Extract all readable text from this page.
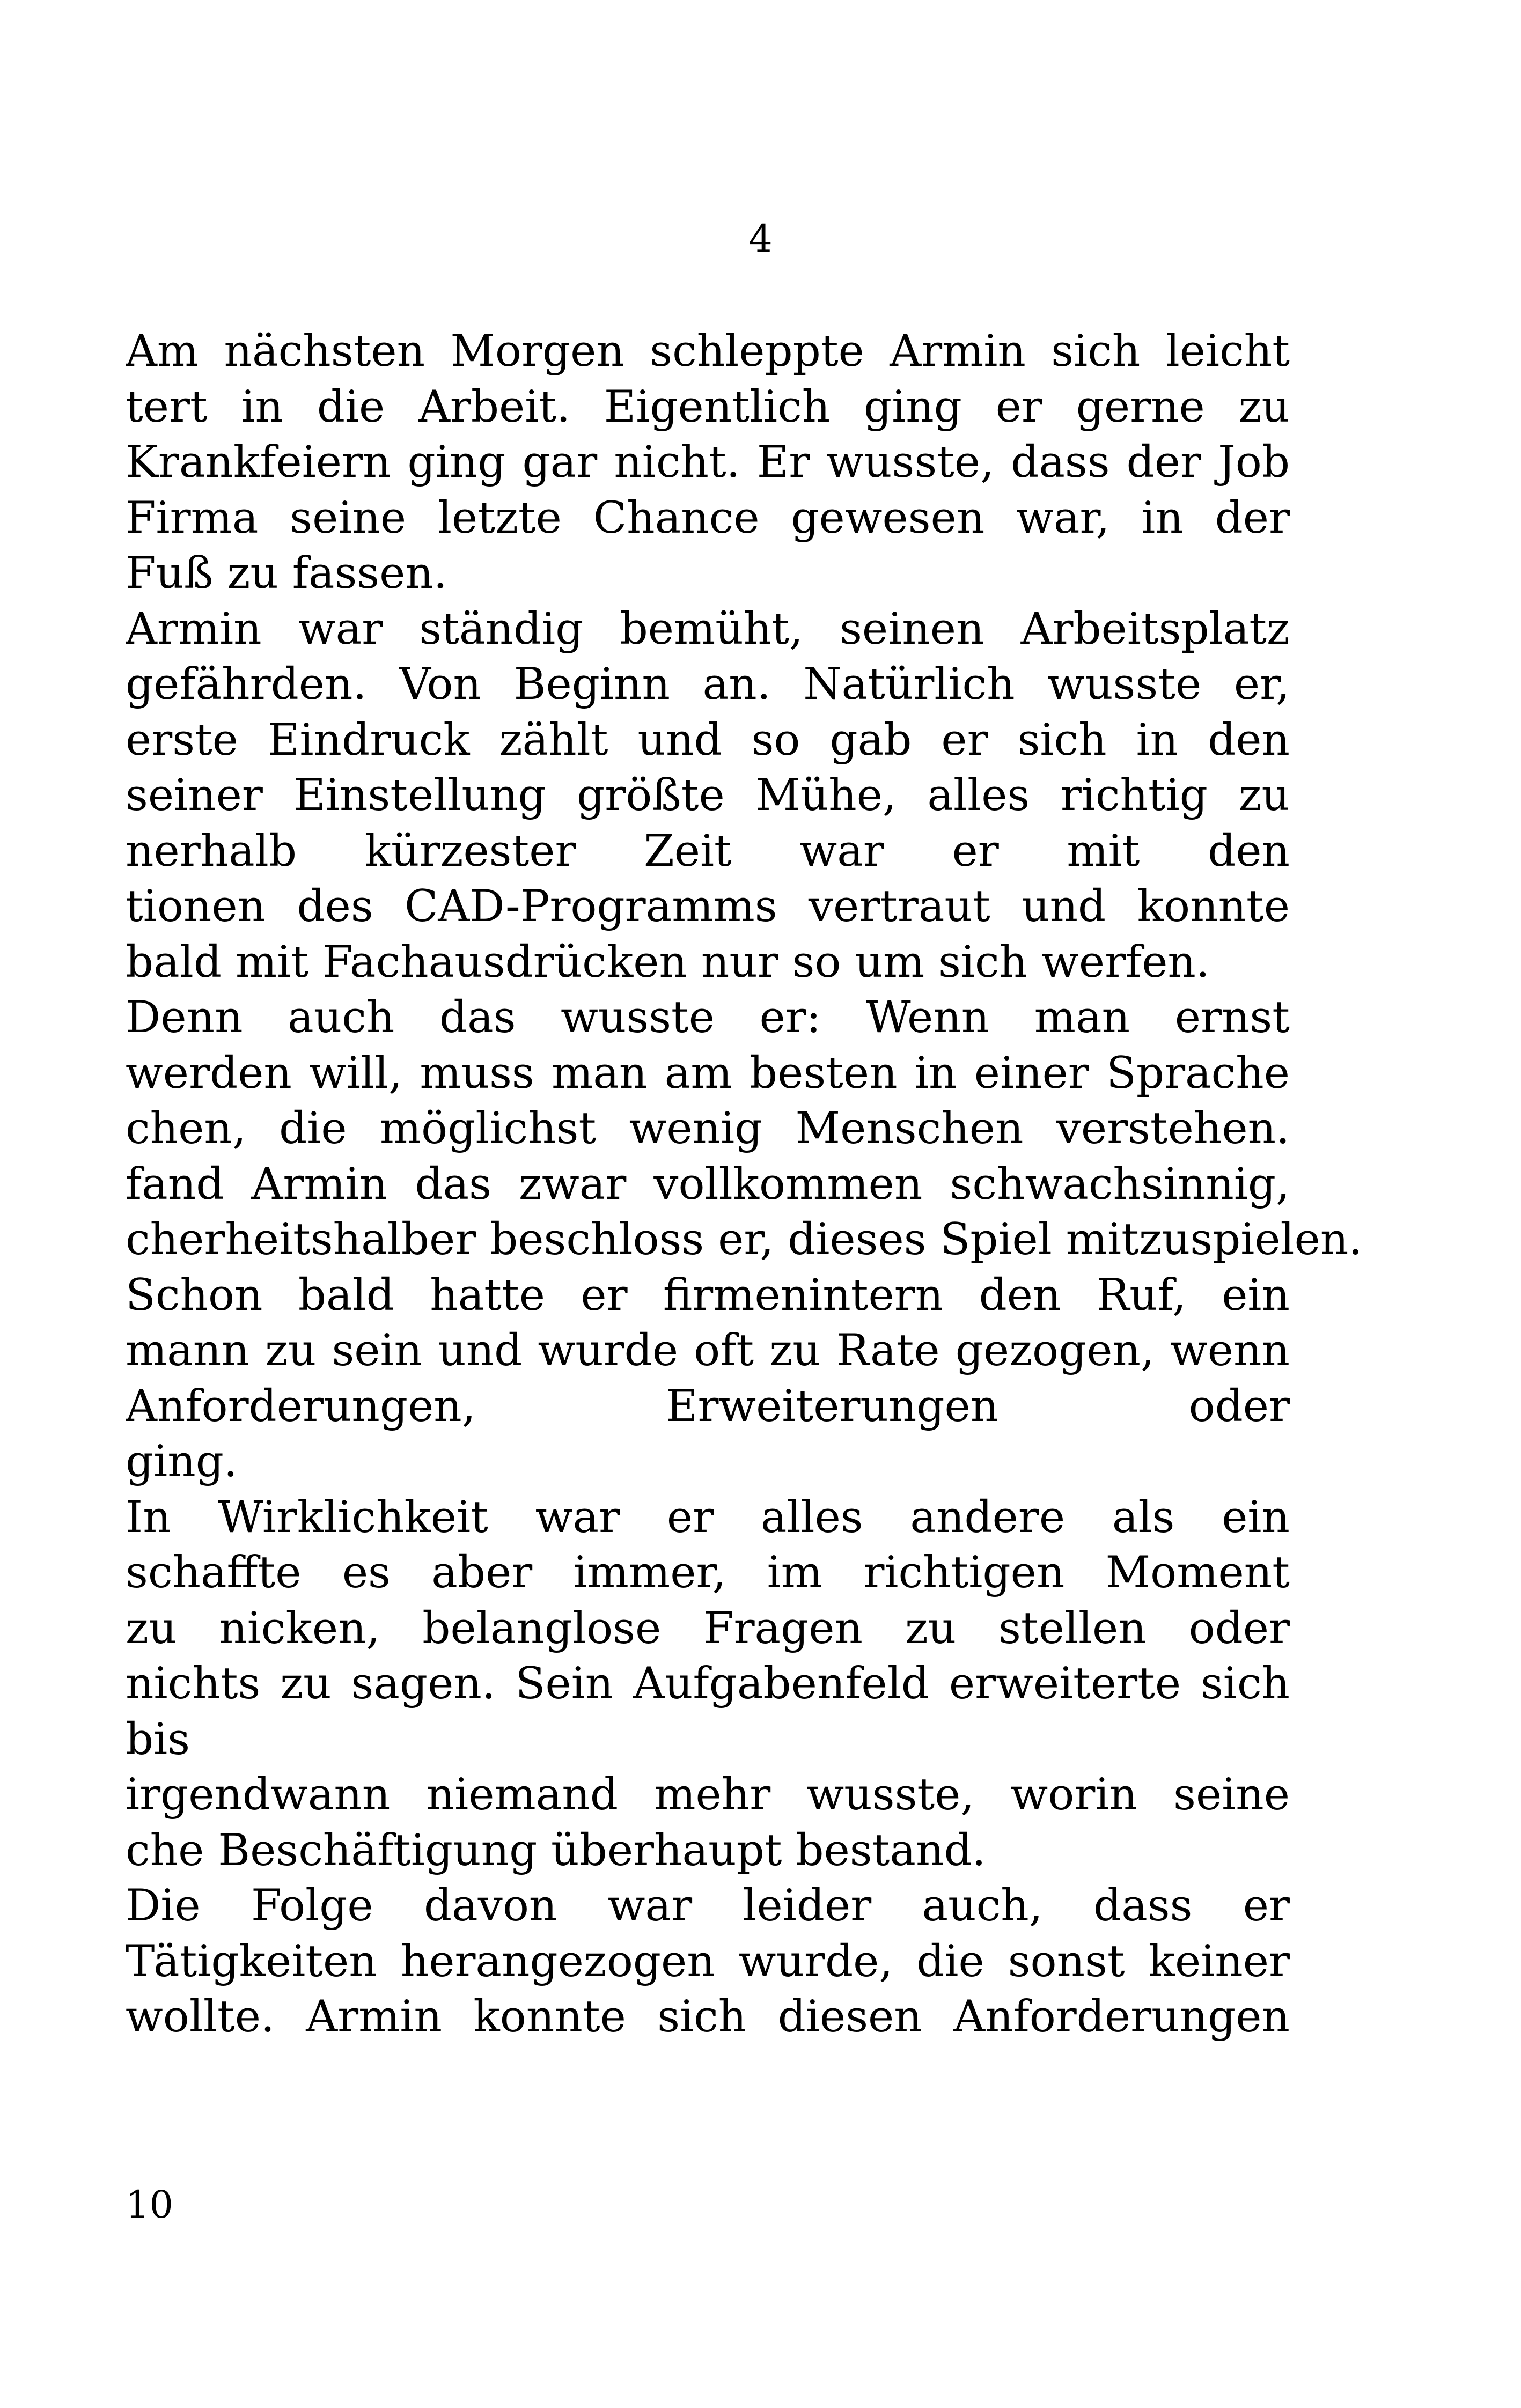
4
Am nächsten Morgen schleppte Armin sich leicht
tert in die Arbeit. Eigentlich ging er gerne zu
Krankfeiern ging gar nicht. Er wusste, dass der Job
Firma seine letzte Chance gewesen war, in der
Fuß zu fassen.
Armin war ständig bemüht, seinen Arbeitsplatz
gefährden. Von Beginn an. Natürlich wusste er,
erste Eindruck zählt und so gab er sich in den
seiner Einstellung größte Mühe, alles richtig zu
nerhalb kürzester Zeit war er mit den
tionen des CAD-Programms vertraut und konnte
bald mit Fachausdrücken nur so um sich werfen.
Denn auch das wusste er: Wenn man ernst
werden will, muss man am besten in einer Sprache
chen, die möglichst wenig Menschen verstehen.
fand Armin das zwar vollkommen schwachsinnig,
cherheitshalber beschloss er, dieses Spiel mitzuspielen.
Schon bald hatte er firmenintern den Ruf, ein
mann zu sein und wurde oft zu Rate gezogen, wenn
Anforderungen, Erweiterungen oder
ging.
In Wirklichkeit war er alles andere als ein
schaffte es aber immer, im richtigen Moment
zu nicken, belanglose Fragen zu stellen oder
nichts zu sagen. Sein Aufgabenfeld erweiterte sich
bis
irgendwann niemand mehr wusste, worin seine
che Beschäftigung überhaupt bestand.
Die Folge davon war leider auch, dass er
Tätigkeiten herangezogen wurde, die sonst keiner
wollte. Armin konnte sich diesen Anforderungen
10
